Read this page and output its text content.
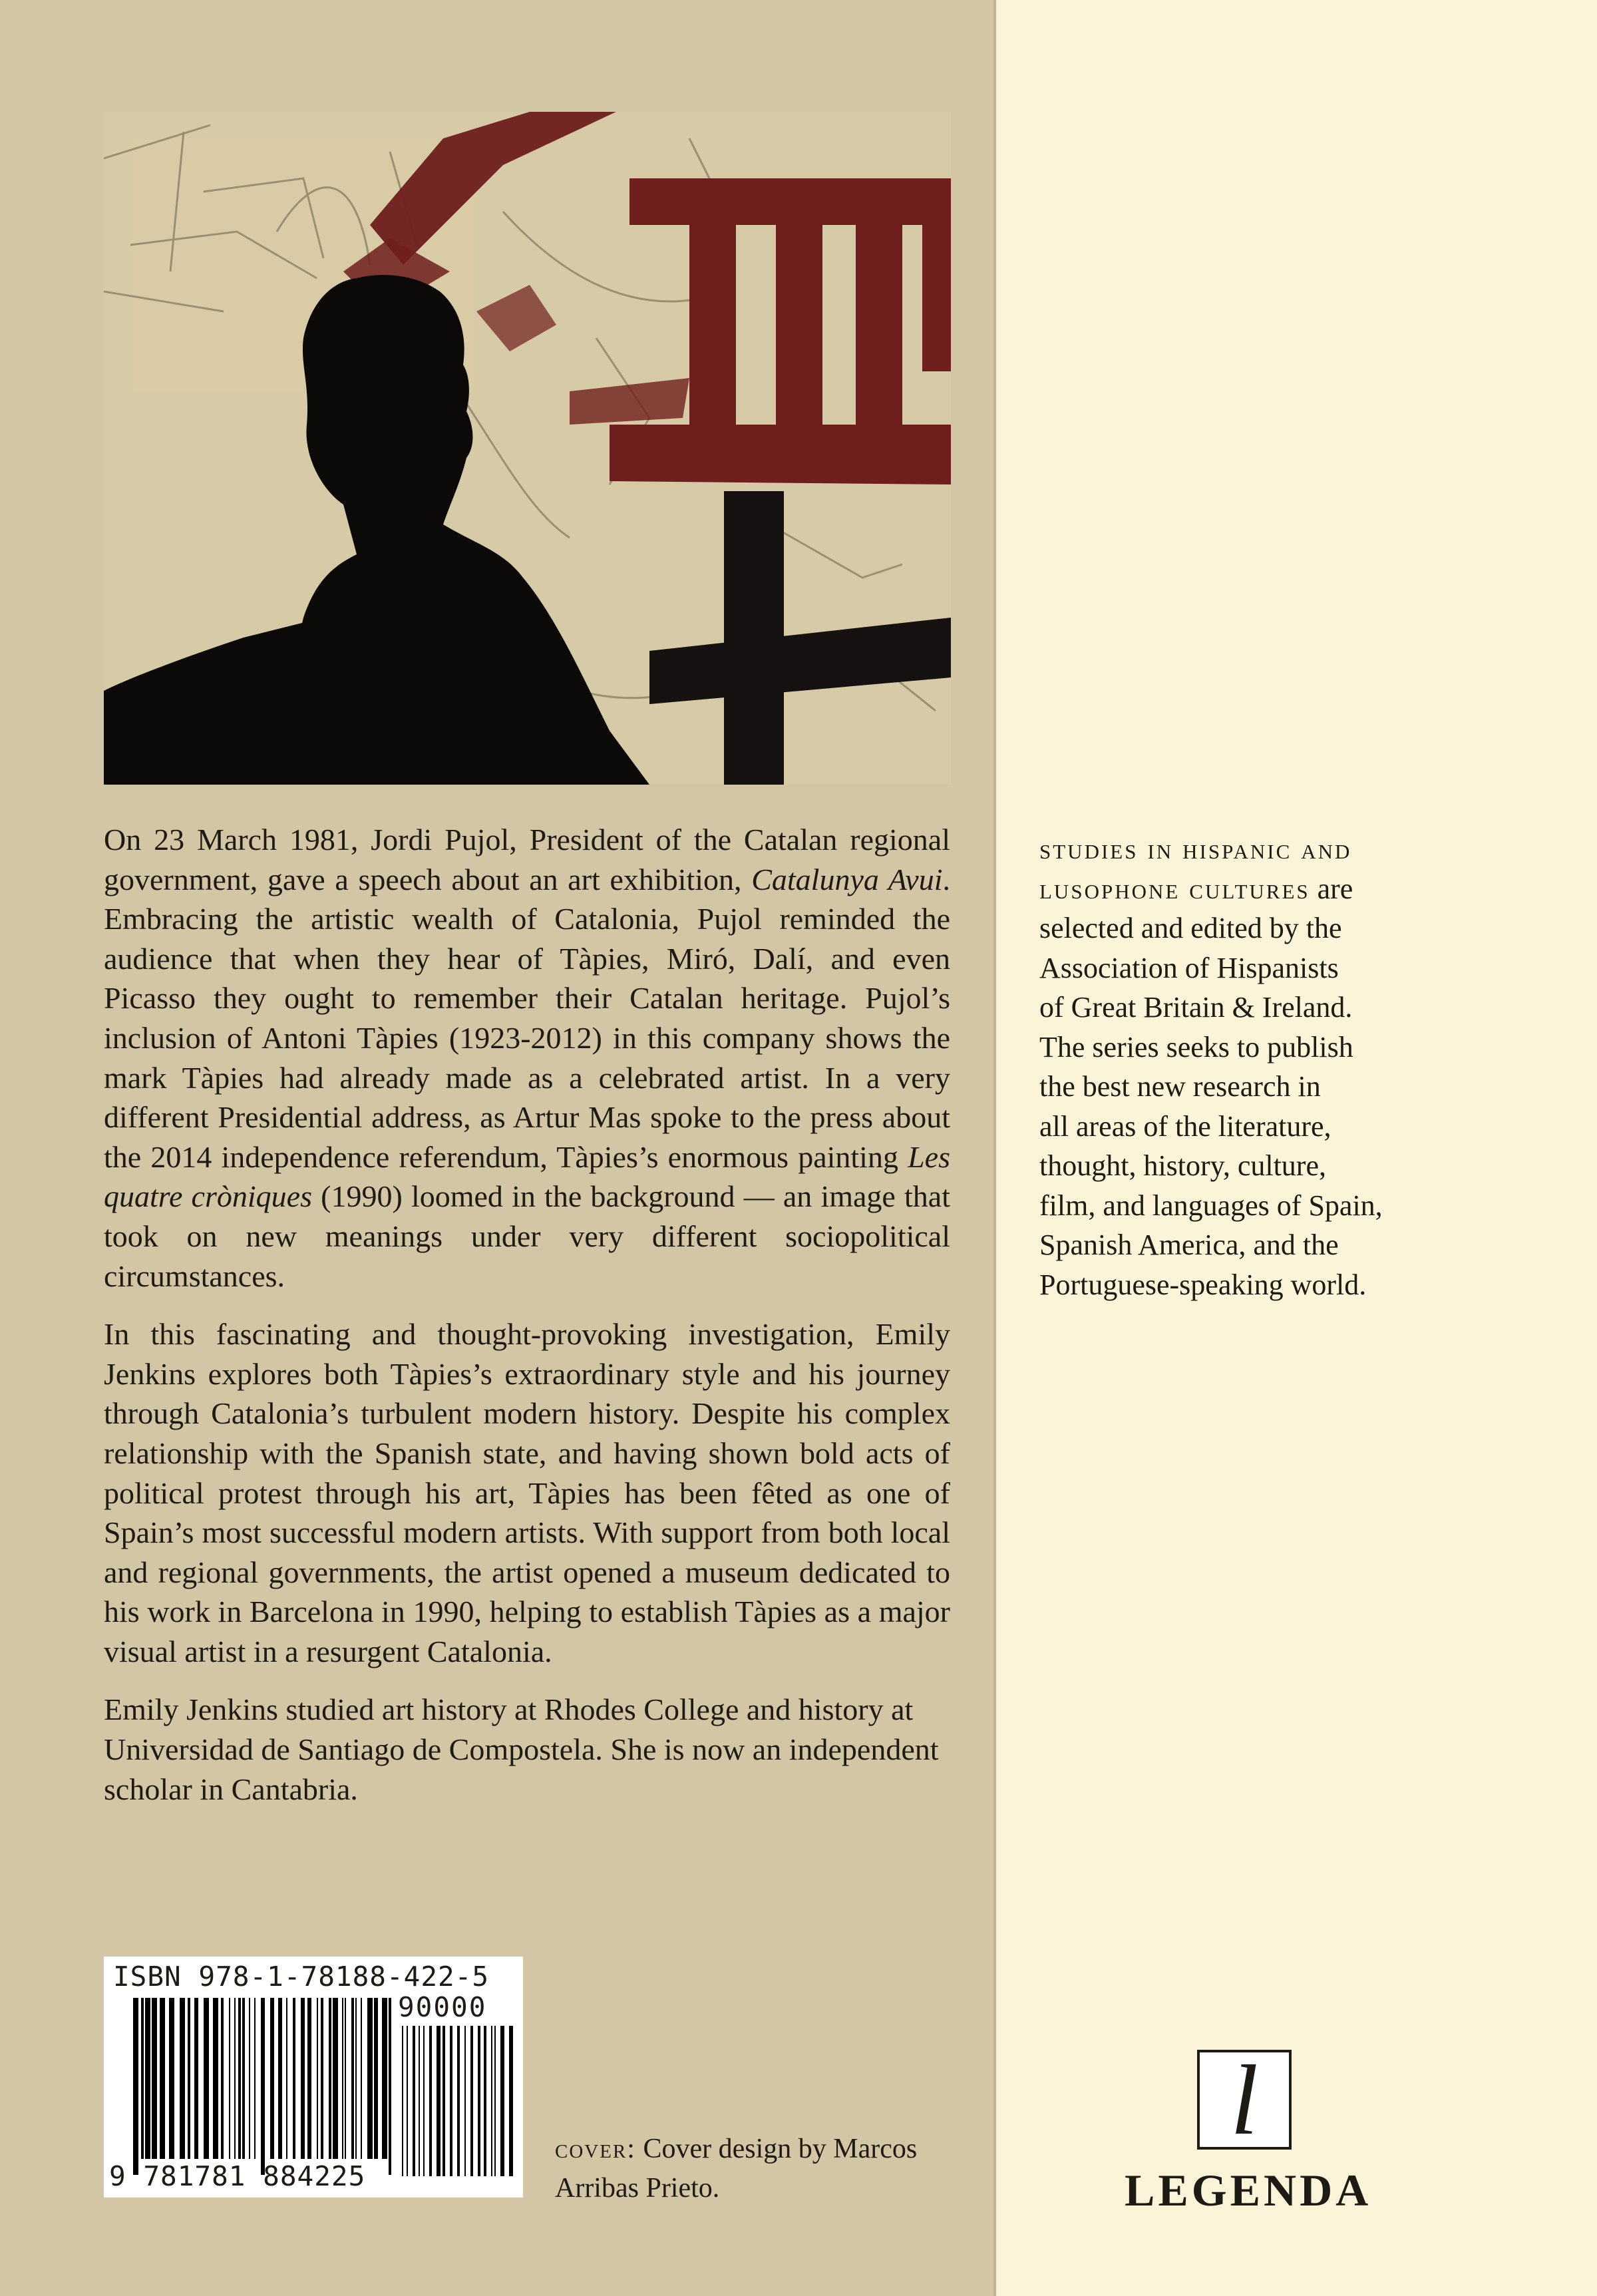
On 23 March 1981, Jordi Pujol, President of the Catalan regional government, gave a speech about an art exhibition, Catalunya Avui. Embracing the artistic wealth of Catalonia, Pujol reminded the audience that when they hear of Tàpies, Miró, Dalí, and even Picasso they ought to remember their Catalan heritage. Pujol’s inclusion of Antoni Tàpies (1923-2012) in this company shows the mark Tàpies had already made as a celebrated artist. In a very different Presidential address, as Artur Mas spoke to the press about the 2014 independence referendum, Tàpies’s enormous painting Les quatre cròniques (1990) loomed in the background — an image that took on new meanings under very different sociopolitical circumstances.

In this fascinating and thought-provoking investigation, Emily Jenkins explores both Tàpies’s extraordinary style and his journey through Catalonia’s turbulent modern history. Despite his complex relationship with the Spanish state, and having shown bold acts of political protest through his art, Tàpies has been fêted as one of Spain’s most successful modern artists. With support from both local and regional governments, the artist opened a museum dedicated to his work in Barcelona in 1990, helping to establish Tàpies as a major visual artist in a resurgent Catalonia.

Emily Jenkins studied art history at Rhodes College and history at Universidad de Santiago de Compostela. She is now an independent scholar in Cantabria.

studies in hispanic and
lusophone cultures are
selected and edited by the
Association of Hispanists
of Great Britain & Ireland.
The series seeks to publish
the best new research in
all areas of the literature,
thought, history, culture,
film, and languages of Spain,
Spanish America, and the
Portuguese-speaking world.
ISBN 978-1-78188-422-5
90000
9 781781 884225
cover: Cover design by Marcos Arribas Prieto.
l
LEGENDA
